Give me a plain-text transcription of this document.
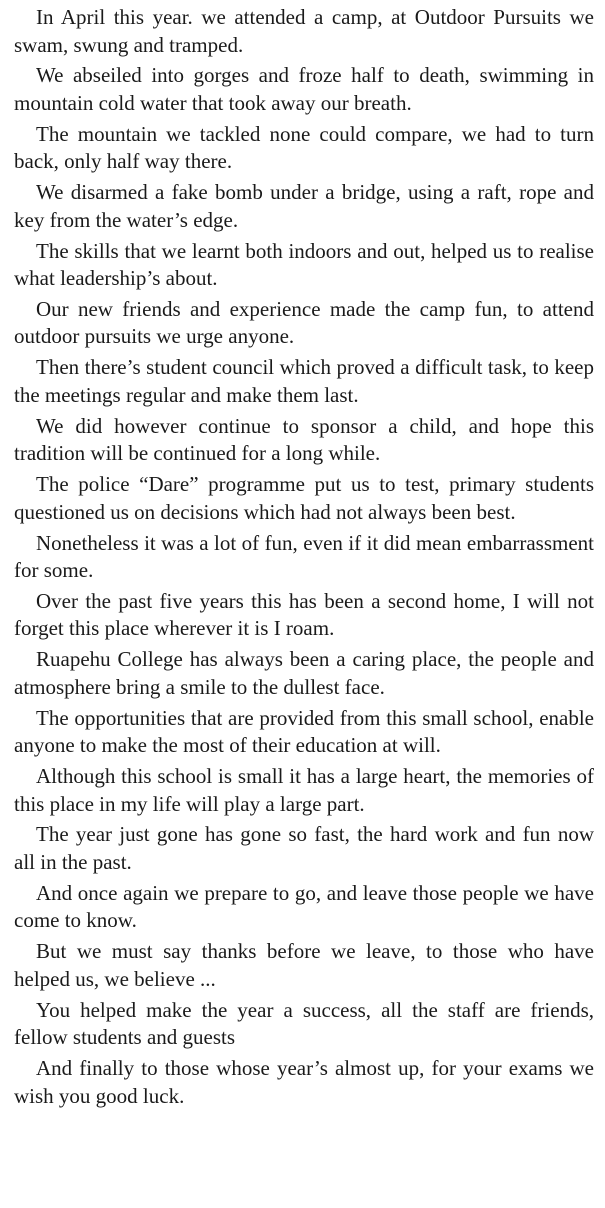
In April this year. we attended a camp, at Outdoor Pursuits we swam, swung and tramped.

We abseiled into gorges and froze half to death, swimming in mountain cold water that took away our breath.

The mountain we tackled none could compare, we had to turn back, only half way there.

We disarmed a fake bomb under a bridge, using a raft, rope and key from the water’s edge.

The skills that we learnt both indoors and out, helped us to realise what leadership’s about.

Our new friends and experience made the camp fun, to attend outdoor pursuits we urge anyone.

Then there’s student council which proved a difficult task, to keep the meetings regular and make them last.

We did however continue to sponsor a child, and hope this tradition will be continued for a long while.

The police “Dare” programme put us to test, primary students questioned us on decisions which had not always been best.

Nonetheless it was a lot of fun, even if it did mean embarrassment for some.

Over the past five years this has been a second home, I will not forget this place wherever it is I roam.

Ruapehu College has always been a caring place, the people and atmosphere bring a smile to the dullest face.

The opportunities that are provided from this small school, enable anyone to make the most of their education at will.

Although this school is small it has a large heart, the memories of this place in my life will play a large part.

The year just gone has gone so fast, the hard work and fun now all in the past.

And once again we prepare to go, and leave those people we have come to know.

But we must say thanks before we leave, to those who have helped us, we believe ...

You helped make the year a success, all the staff are friends, fellow students and guests

And finally to those whose year’s almost up, for your exams we wish you good luck.
